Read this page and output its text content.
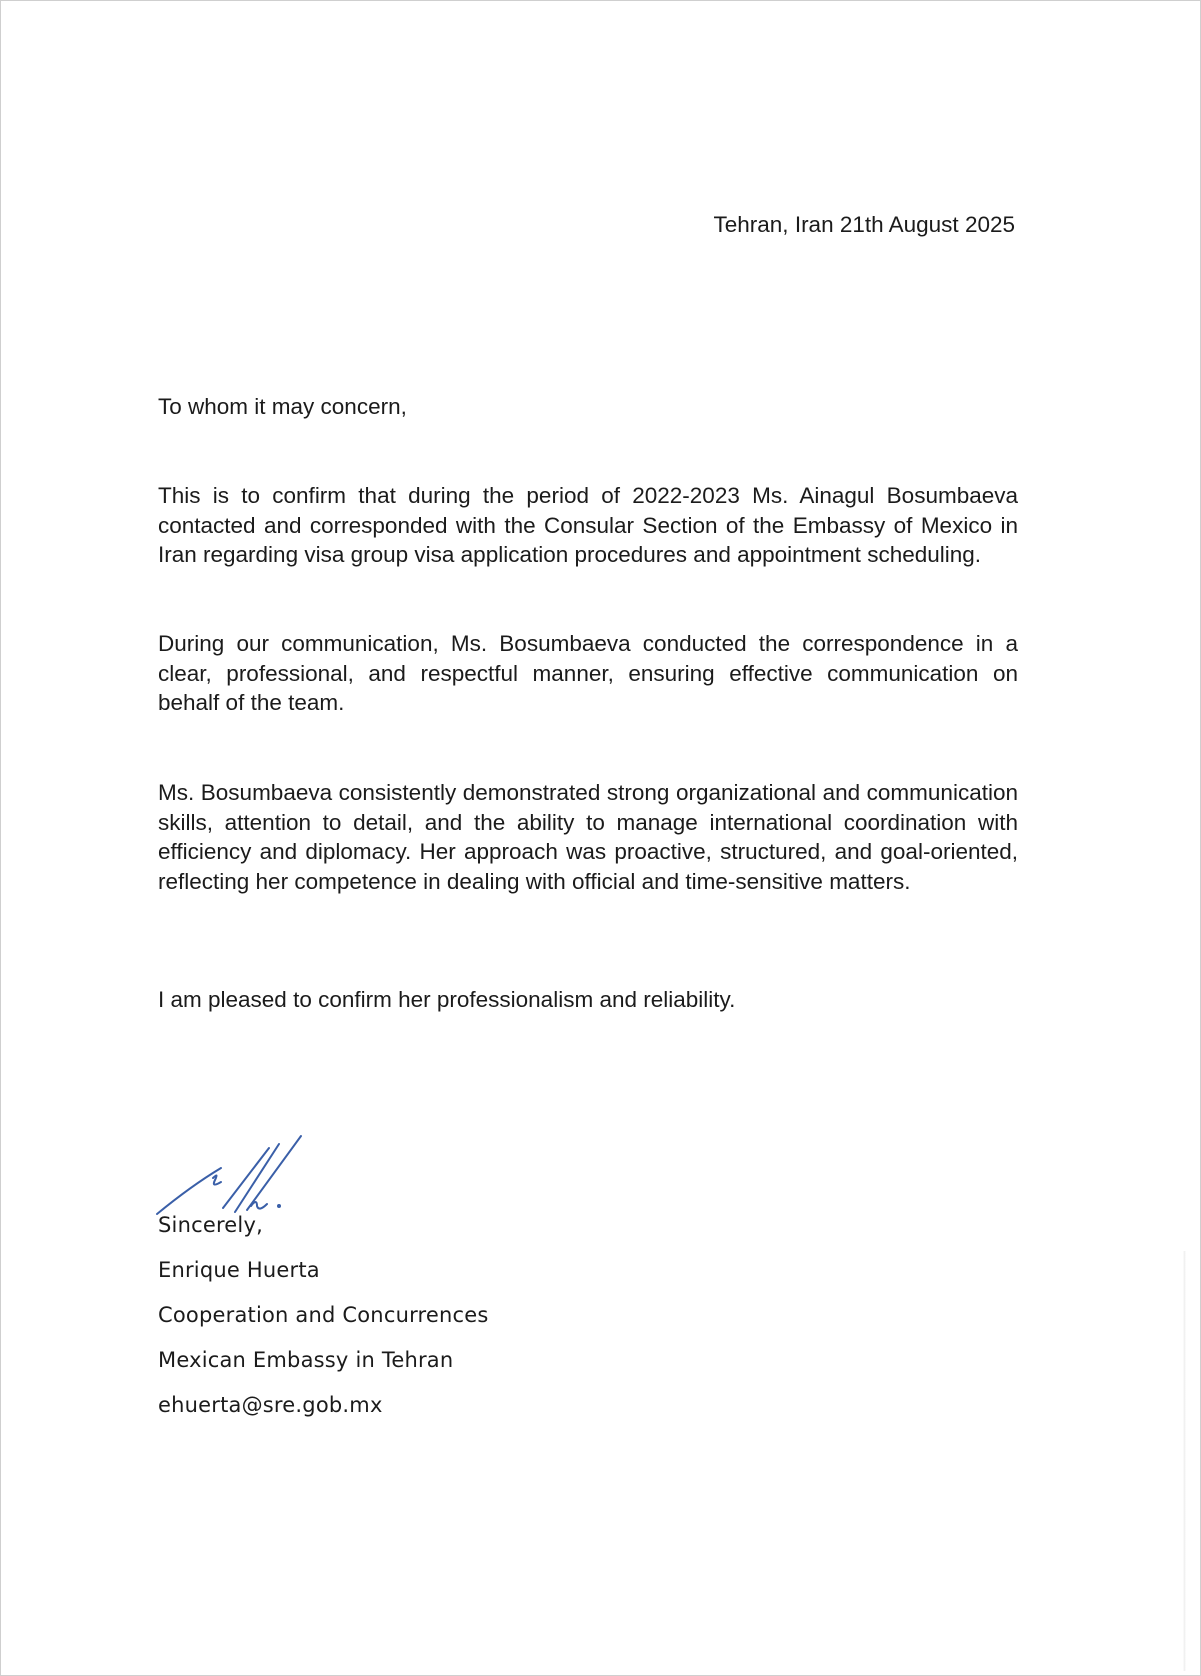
Tehran, Iran 21th August 2025
To whom it may concern,
This is to confirm that during the period of 2022-2023 Ms. Ainagul Bosumbaeva contacted and corresponded with the Consular Section of the Embassy of Mexico in Iran regarding visa group visa application procedures and appointment scheduling.
During our communication, Ms. Bosumbaeva conducted the correspondence in a clear, professional, and respectful manner, ensuring effective communication on behalf of the team.
Ms. Bosumbaeva consistently demonstrated strong organizational and communication skills, attention to detail, and the ability to manage international coordination with efficiency and diplomacy. Her approach was proactive, structured, and goal-oriented, reflecting her competence in dealing with official and time-sensitive matters.
I am pleased to confirm her professionalism and reliability.
Sincerely,
Enrique Huerta
Cooperation and Concurrences
Mexican Embassy in Tehran
ehuerta@sre.gob.mx
